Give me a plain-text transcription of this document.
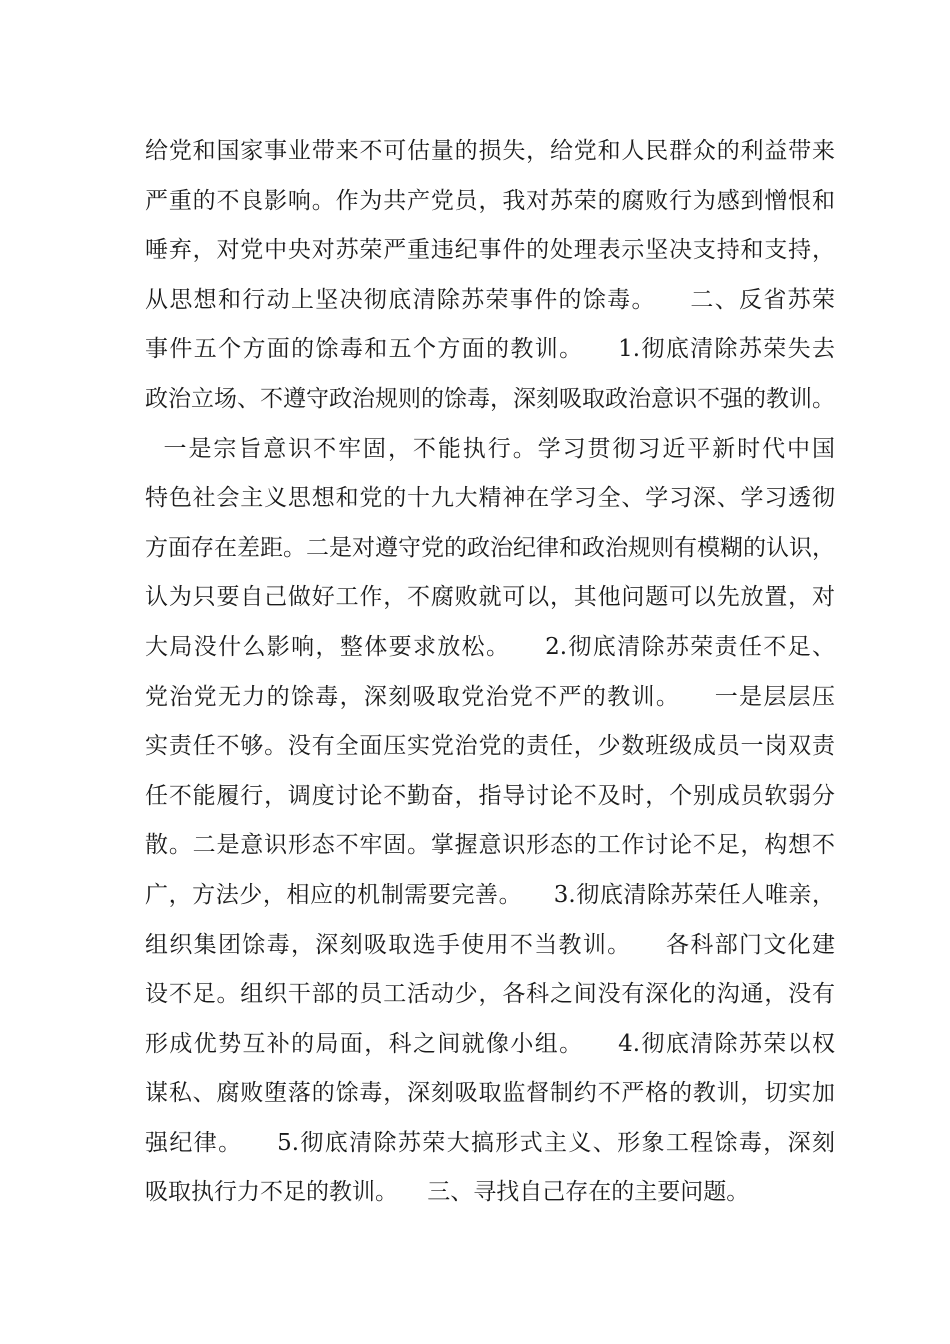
给党和国家事业带来不可估量的损失，给党和人民群众的利益带来
严重的不良影响。作为共产党员，我对苏荣的腐败行为感到憎恨和
唾弃，对党中央对苏荣严重违纪事件的处理表示坚决支持和支持，
从思想和行动上坚决彻底清除苏荣事件的馀毒。    二、反省苏荣
事件五个方面的馀毒和五个方面的教训。    1.彻底清除苏荣失去
政治立场、不遵守政治规则的馀毒，深刻吸取政治意识不强的教训。
一是宗旨意识不牢固，不能执行。学习贯彻习近平新时代中国
特色社会主义思想和党的十九大精神在学习全、学习深、学习透彻
方面存在差距。二是对遵守党的政治纪律和政治规则有模糊的认识，
认为只要自己做好工作，不腐败就可以，其他问题可以先放置，对
大局没什么影响，整体要求放松。    2.彻底清除苏荣责任不足、
党治党无力的馀毒，深刻吸取党治党不严的教训。    一是层层压
实责任不够。没有全面压实党治党的责任，少数班级成员一岗双责
任不能履行，调度讨论不勤奋，指导讨论不及时，个别成员软弱分
散。二是意识形态不牢固。掌握意识形态的工作讨论不足，构想不
广，方法少，相应的机制需要完善。    3.彻底清除苏荣任人唯亲，
组织集团馀毒，深刻吸取选手使用不当教训。    各科部门文化建
设不足。组织干部的员工活动少，各科之间没有深化的沟通，没有
形成优势互补的局面，科之间就像小组。    4.彻底清除苏荣以权
谋私、腐败堕落的馀毒，深刻吸取监督制约不严格的教训，切实加
强纪律。    5.彻底清除苏荣大搞形式主义、形象工程馀毒，深刻
吸取执行力不足的教训。    三、寻找自己存在的主要问题。
